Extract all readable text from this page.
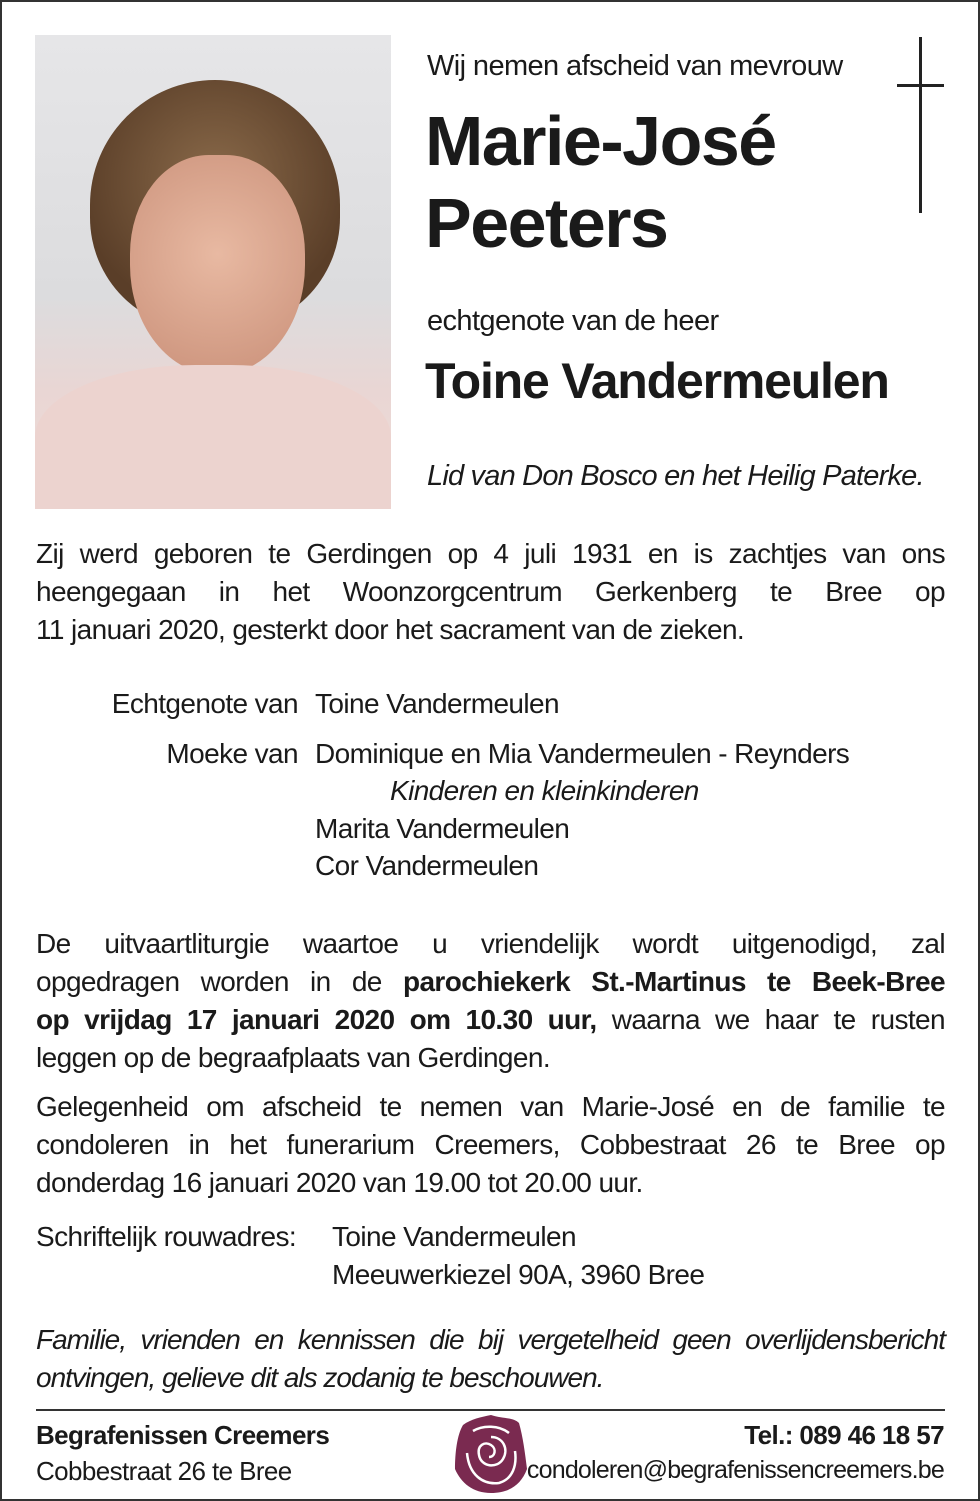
Wij nemen afscheid van mevrouw
Marie-José
Peeters
echtgenote van de heer
Toine Vandermeulen
Lid van Don Bosco en het Heilig Paterke.
Zij werd geboren te Gerdingen op 4 juli 1931 en is zachtjes van ons
heengegaan in het Woonzorgcentrum Gerkenberg te Bree op
11 januari 2020, gesterkt door het sacrament van de zieken.
Echtgenote van Toine Vandermeulen
Moeke van Dominique en Mia Vandermeulen - Reynders
Kinderen en kleinkinderen
Marita Vandermeulen
Cor Vandermeulen
De uitvaartliturgie waartoe u vriendelijk wordt uitgenodigd, zal
opgedragen worden in de parochiekerk St.-Martinus te Beek-Bree
op vrijdag 17 januari 2020 om 10.30 uur, waarna we haar te rusten
leggen op de begraafplaats van Gerdingen.
Gelegenheid om afscheid te nemen van Marie-José en de familie te
condoleren in het funerarium Creemers, Cobbestraat 26 te Bree op
donderdag 16 januari 2020 van 19.00 tot 20.00 uur.
Schriftelijk rouwadres: Toine Vandermeulen
Meeuwerkiezel 90A, 3960 Bree
Familie, vrienden en kennissen die bij vergetelheid geen overlijdensbericht
ontvingen, gelieve dit als zodanig te beschouwen.
Begrafenissen Creemers
Cobbestraat 26 te Bree
Tel.: 089 46 18 57
condoleren@begrafenissencreemers.be
